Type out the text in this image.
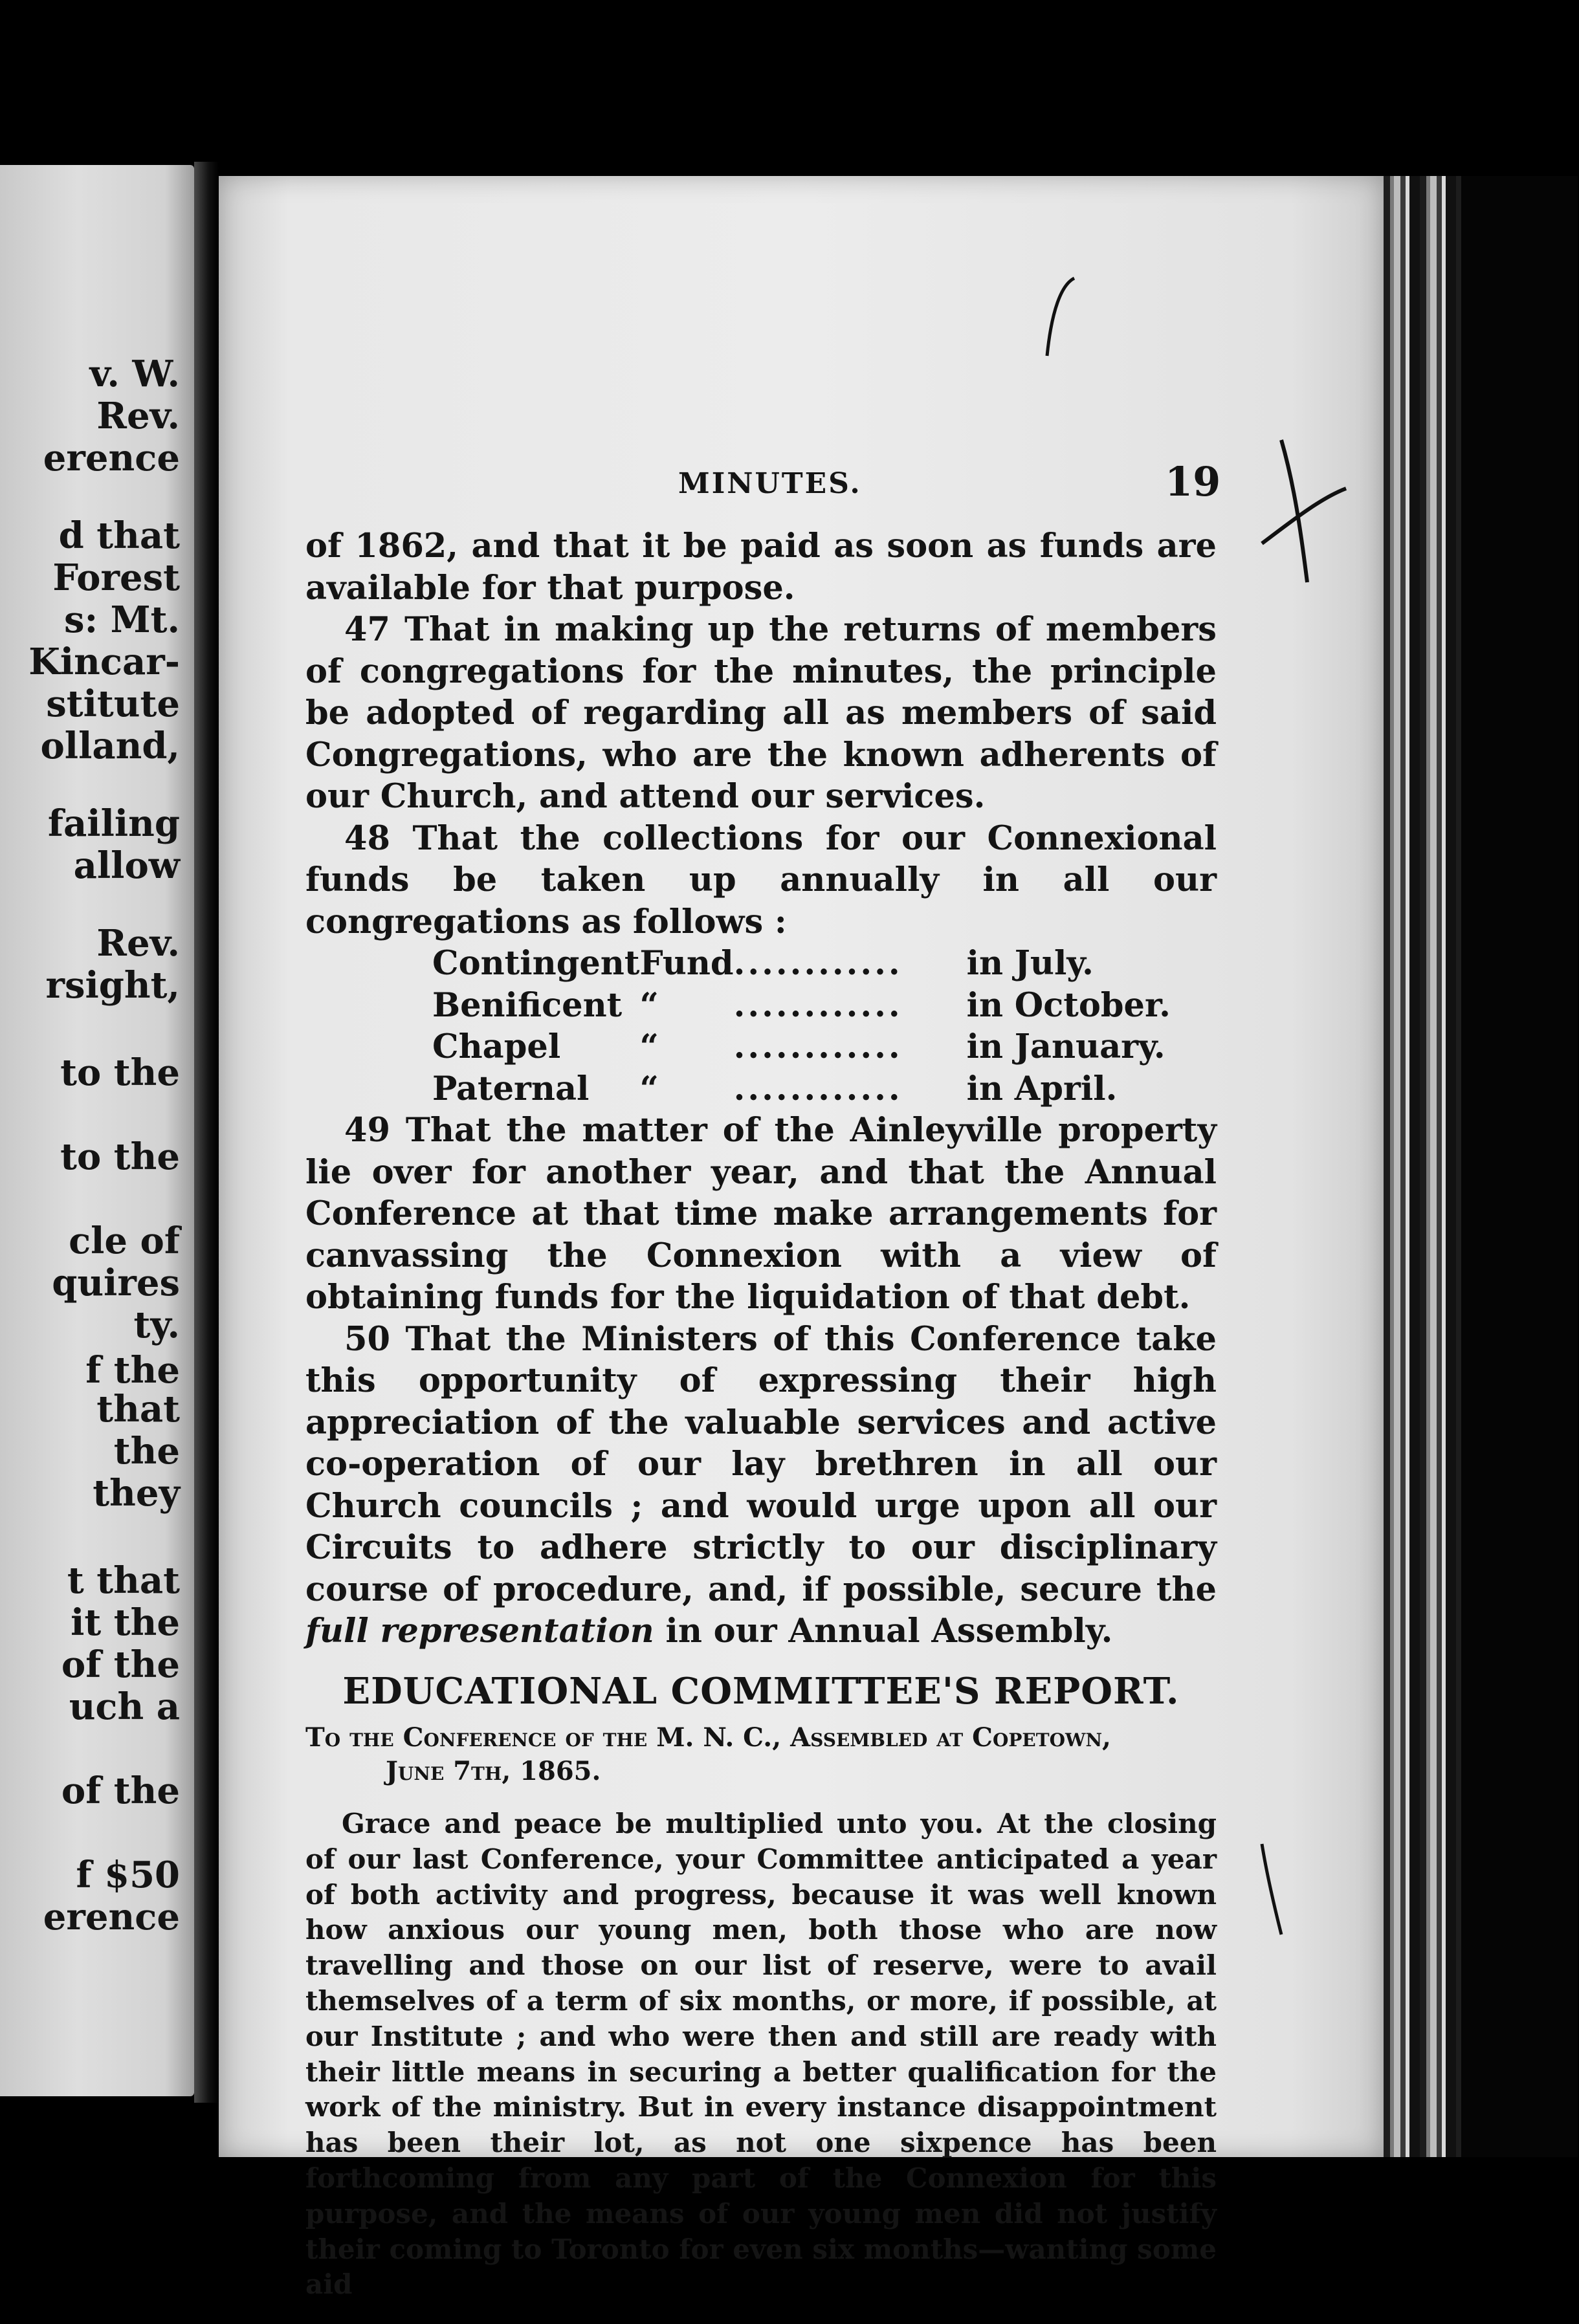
v. W.
Rev.
erence
d that
Forest
s: Mt.
Kincar-
stitute
olland,
failing
allow
Rev.
rsight,
to the
to the
cle of
quires
ty.
f the
that
the
they
t that
it the
of the
uch a
of the
f $50
erence
MINUTES.	19

of 1862, and that it be paid as soon as funds are available for that purpose.

47 That in making up the returns of members of congregations for the minutes, the principle be adopted of regarding all as members of said Congregations, who are the known adherents of our Church, and attend our services.

48 That the collections for our Connexional funds be taken up annually in all our congregations as follows :

Contingent	Fund	............	in July.
Benificent	“	............	in October.
Chapel	“	............	in January.
Paternal	“	............	in April.

49 That the matter of the Ainleyville property lie over for another year, and that the Annual Conference at that time make arrangements for canvassing the Connexion with a view of obtaining funds for the liquidation of that debt.

50 That the Ministers of this Conference take this opportunity of expressing their high appreciation of the valuable services and active co-operation of our lay brethren in all our Church councils ; and would urge upon all our Circuits to adhere strictly to our disciplinary course of procedure, and, if possible, secure the full representation in our Annual Assembly.

EDUCATIONAL COMMITTEE'S REPORT.
To the Conference of the M. N. C., Assembled at Copetown,
June 7th, 1865.

Grace and peace be multiplied unto you. At the closing of our last Conference, your Committee anticipated a year of both activity and progress, because it was well known how anxious our young men, both those who are now travelling and those on our list of reserve, were to avail themselves of a term of six months, or more, if possible, at our Institute ; and who were then and still are ready with their little means in securing a better qualification for the work of the ministry. But in every instance disappointment has been their lot, as not one sixpence has been forthcoming from any part of the Connexion for this purpose, and the means of our young men did not justify their coming to Toronto for even six months—wanting some aid
